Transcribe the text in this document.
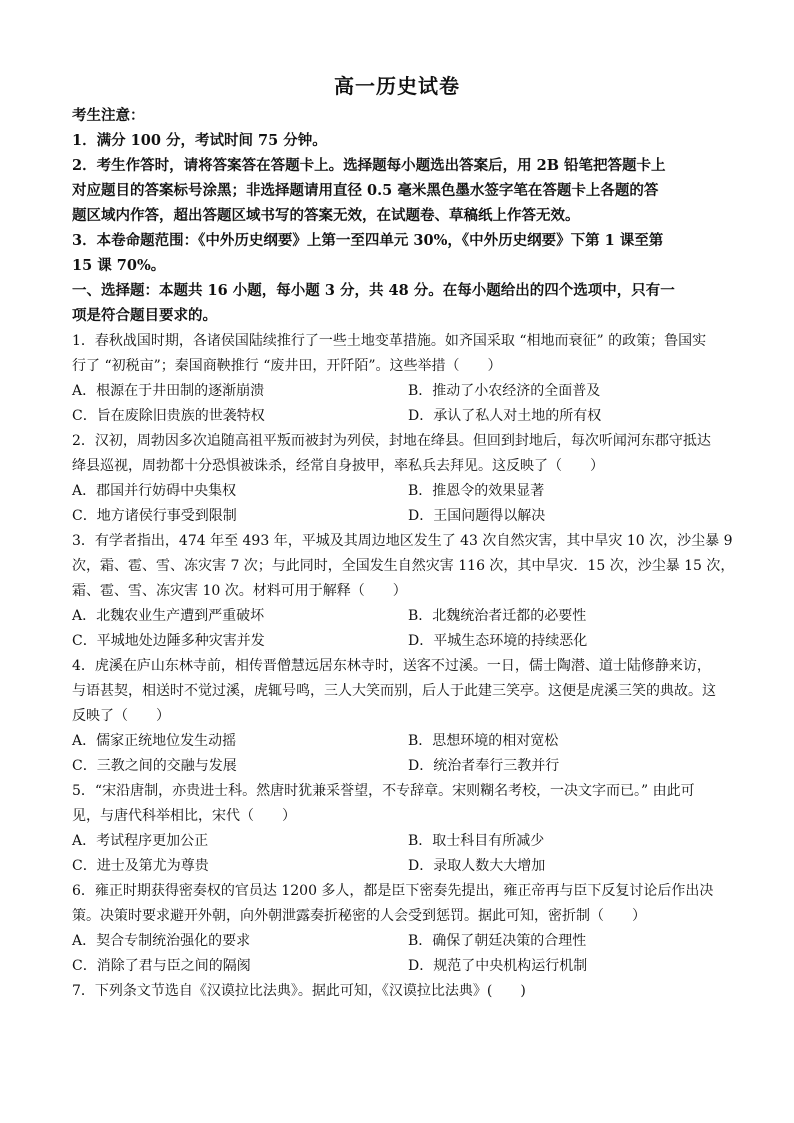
高一历史试卷
考生注意：
1．满分 100 分，考试时间 75 分钟。
2．考生作答时，请将答案答在答题卡上。选择题每小题选出答案后，用 2B 铅笔把答题卡上
对应题目的答案标号涂黑；非选择题请用直径 0.5 毫米黑色墨水签字笔在答题卡上各题的答
题区域内作答，超出答题区域书写的答案无效，在试题卷、草稿纸上作答无效。
3．本卷命题范围：《中外历史纲要》上第一至四单元 30%，《中外历史纲要》下第 1 课至第
15 课 70%。
一、选择题：本题共 16 小题，每小题 3 分，共 48 分。在每小题给出的四个选项中，只有一
项是符合题目要求的。
1．春秋战国时期，各诸侯国陆续推行了一些土地变革措施。如齐国采取 “相地而衰征” 的政策；鲁国实
行了 “初税亩”；秦国商鞅推行 “废井田，开阡陌”。这些举措（　　）
A．根源在于井田制的逐渐崩溃	B．推动了小农经济的全面普及
C．旨在废除旧贵族的世袭特权	D．承认了私人对土地的所有权
2．汉初，周勃因多次追随高祖平叛而被封为列侯，封地在绛县。但回到封地后，每次听闻河东郡守抵达
绛县巡视，周勃都十分恐惧被诛杀，经常自身披甲，率私兵去拜见。这反映了（　　）
A．郡国并行妨碍中央集权	B．推恩令的效果显著
C．地方诸侯行事受到限制	D．王国问题得以解决
3．有学者指出，474 年至 493 年，平城及其周边地区发生了 43 次自然灾害，其中旱灾 10 次，沙尘暴 9
次，霜、雹、雪、冻灾害 7 次；与此同时，全国发生自然灾害 116 次，其中旱灾．15 次，沙尘暴 15 次，
霜、雹、雪、冻灾害 10 次。材料可用于解释（　　）
A．北魏农业生产遭到严重破坏	B．北魏统治者迁都的必要性
C．平城地处边陲多种灾害并发	D．平城生态环境的持续恶化
4．虎溪在庐山东林寺前，相传晋僧慧远居东林寺时，送客不过溪。一日，儒士陶潜、道士陆修静来访，
与语甚契，相送时不觉过溪，虎辄号鸣，三人大笑而别，后人于此建三笑亭。这便是虎溪三笑的典故。这
反映了（　　）
A．儒家正统地位发生动摇	B．思想环境的相对宽松
C．三教之间的交融与发展	D．统治者奉行三教并行
5．“宋沿唐制，亦贵进士科。然唐时犹兼采誉望，不专辞章。宋则糊名考校，一决文字而已。” 由此可
见，与唐代科举相比，宋代（　　）
A．考试程序更加公正	B．取士科目有所减少
C．进士及第尤为尊贵	D．录取人数大大增加
6．雍正时期获得密奏权的官员达 1200 多人，都是臣下密奏先提出，雍正帝再与臣下反复讨论后作出决
策。决策时要求避开外朝，向外朝泄露奏折秘密的人会受到惩罚。据此可知，密折制（　　）
A．契合专制统治强化的要求	B．确保了朝廷决策的合理性
C．消除了君与臣之间的隔阂	D．规范了中央机构运行机制
7．下列条文节选自《汉谟拉比法典》。据此可知，《汉谟拉比法典》(　　)
